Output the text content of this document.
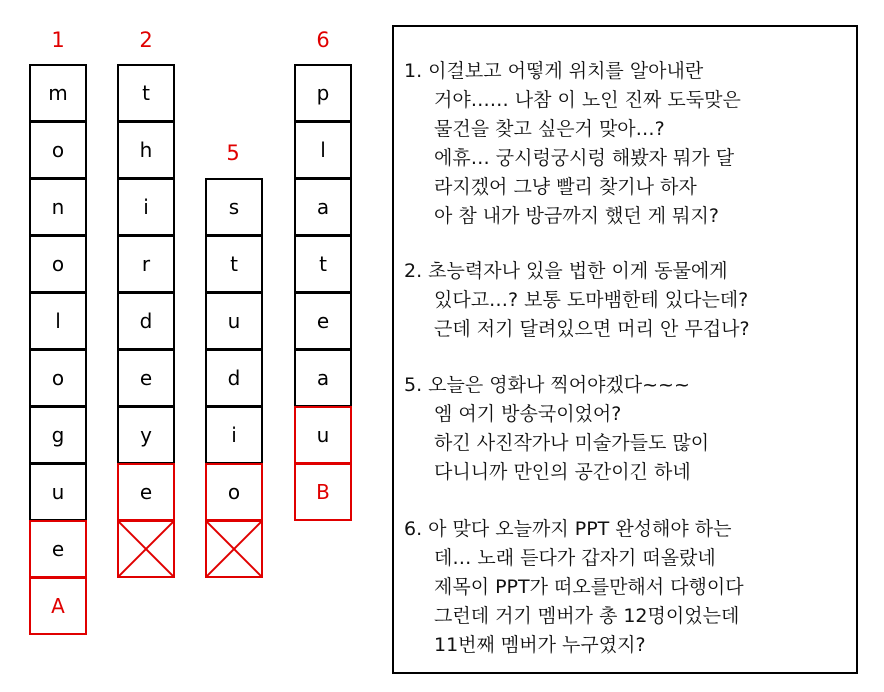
1	2
5
6
m
o
n
o
l
o
g
u
e
A
t
h
i
r
d
e
y
e
s
t
u
d
i
o
p
l
a
t
e
a
u
B
1. 이걸보고 어떻게 위치를 알아내란
거야…… 나참 이 노인 진짜 도둑맞은
물건을 찾고 싶은거 맞아…?
에휴… 궁시렁궁시렁 해봤자 뭐가 달
라지겠어 그냥 빨리 찾기나 하자
아 참 내가 방금까지 했던 게 뭐지?
2. 초능력자나 있을 법한 이게 동물에게
있다고…? 보통 도마뱀한테 있다는데?
근데 저기 달려있으면 머리 안 무겁나?
5. 오늘은 영화나 찍어야겠다~~~
엠 여기 방송국이었어?
하긴 사진작가나 미술가들도 많이
다니니까 만인의 공간이긴 하네
6. 아 맞다 오늘까지 PPT 완성해야 하는
데… 노래 듣다가 갑자기 떠올랐네
제목이 PPT가 떠오를만해서 다행이다
그런데 거기 멤버가 총 12명이었는데
11번째 멤버가 누구였지?
